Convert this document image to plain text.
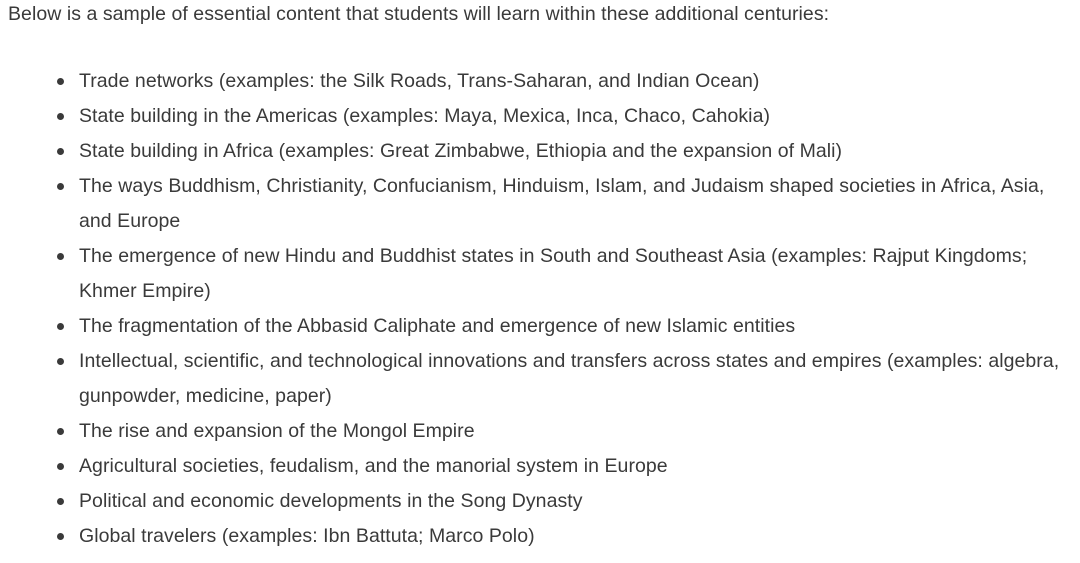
Below is a sample of essential content that students will learn within these additional centuries:

Trade networks (examples: the Silk Roads, Trans-Saharan, and Indian Ocean)
State building in the Americas (examples: Maya, Mexica, Inca, Chaco, Cahokia)
State building in Africa (examples: Great Zimbabwe, Ethiopia and the expansion of Mali)
The ways Buddhism, Christianity, Confucianism, Hinduism, Islam, and Judaism shaped societies in Africa, Asia, and Europe
The emergence of new Hindu and Buddhist states in South and Southeast Asia (examples: Rajput Kingdoms; Khmer Empire)
The fragmentation of the Abbasid Caliphate and emergence of new Islamic entities
Intellectual, scientific, and technological innovations and transfers across states and empires (examples: algebra, gunpowder, medicine, paper)
The rise and expansion of the Mongol Empire
Agricultural societies, feudalism, and the manorial system in Europe
Political and economic developments in the Song Dynasty
Global travelers (examples: Ibn Battuta; Marco Polo)
